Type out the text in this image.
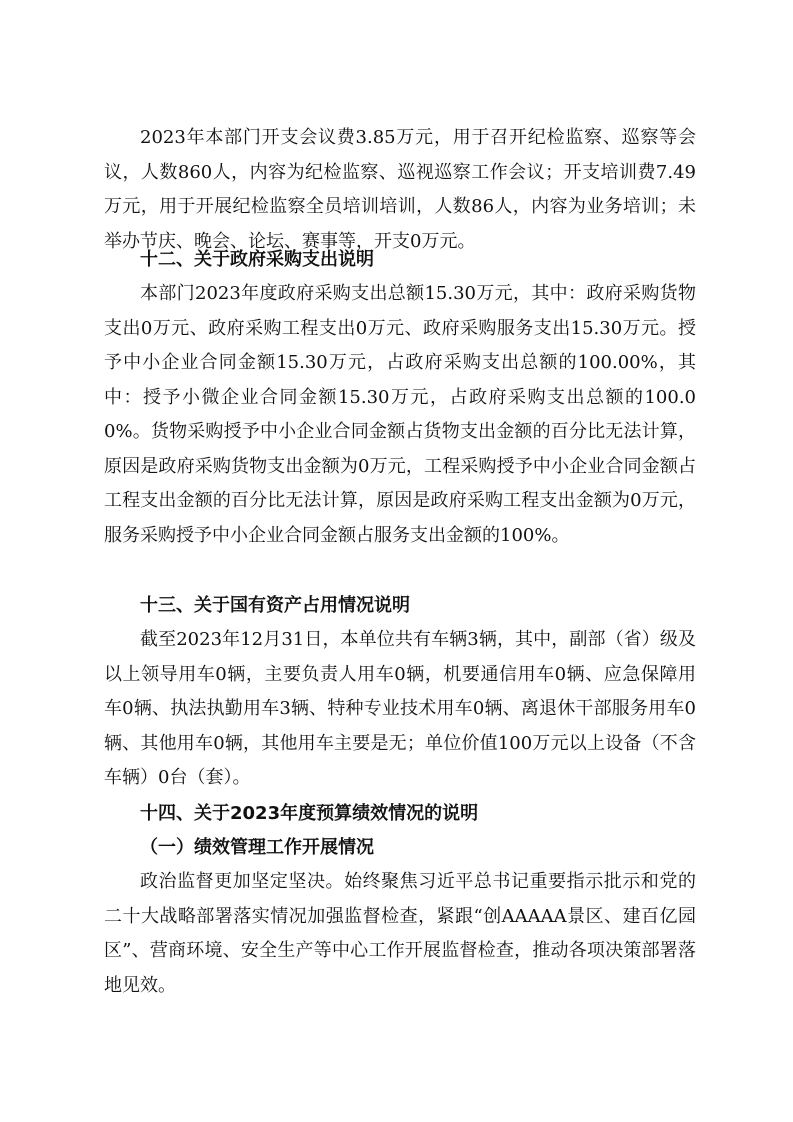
2023年本部门开支会议费3.85万元，用于召开纪检监察、巡察等会议，人数860人，内容为纪检监察、巡视巡察工作会议；开支培训费7.49万元，用于开展纪检监察全员培训培训，人数86人，内容为业务培训；未举办节庆、晚会、论坛、赛事等，开支0万元。

十二、关于政府采购支出说明

本部门2023年度政府采购支出总额15.30万元，其中：政府采购货物支出0万元、政府采购工程支出0万元、政府采购服务支出15.30万元。授予中小企业合同金额15.30万元，占政府采购支出总额的100.00%，其中：授予小微企业合同金额15.30万元，占政府采购支出总额的100.00%。货物采购授予中小企业合同金额占货物支出金额的百分比无法计算，原因是政府采购货物支出金额为0万元，工程采购授予中小企业合同金额占工程支出金额的百分比无法计算，原因是政府采购工程支出金额为0万元，服务采购授予中小企业合同金额占服务支出金额的100%。

十三、关于国有资产占用情况说明

截至2023年12月31日，本单位共有车辆3辆，其中，副部（省）级及以上领导用车0辆，主要负责人用车0辆，机要通信用车0辆、应急保障用车0辆、执法执勤用车3辆、特种专业技术用车0辆、离退休干部服务用车0辆、其他用车0辆，其他用车主要是无；单位价值100万元以上设备（不含车辆）0台（套）。

十四、关于2023年度预算绩效情况的说明
（一）绩效管理工作开展情况

政治监督更加坚定坚决。始终聚焦习近平总书记重要指示批示和党的二十大战略部署落实情况加强监督检查，紧跟“创AAAAA景区、建百亿园区”、营商环境、安全生产等中心工作开展监督检查，推动各项决策部署落地见效。
